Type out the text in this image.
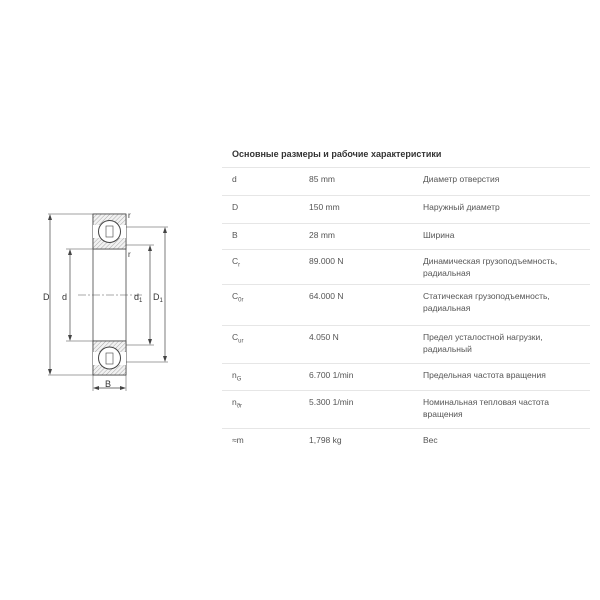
D d	$d_1$ $D_1$
B
r
r
Основные размеры и рабочие характеристики
d	85 mm	Диаметр отверстия
D	150 mm	Наружный диаметр
B	28 mm	Ширина
$C_r$	89.000 N	Динамическая грузоподъемность, радиальная
$C_{0r}$	64.000 N	Статическая грузоподъемность, радиальная
$C_{ur}$	4.050 N	Предел усталостной нагрузки, радиальный
$n_G$	6.700 1/min	Предельная частота вращения
$n_{ϑr}$	5.300 1/min	Номинальная тепловая частота вращения
≈m	1,798 kg	Вес
